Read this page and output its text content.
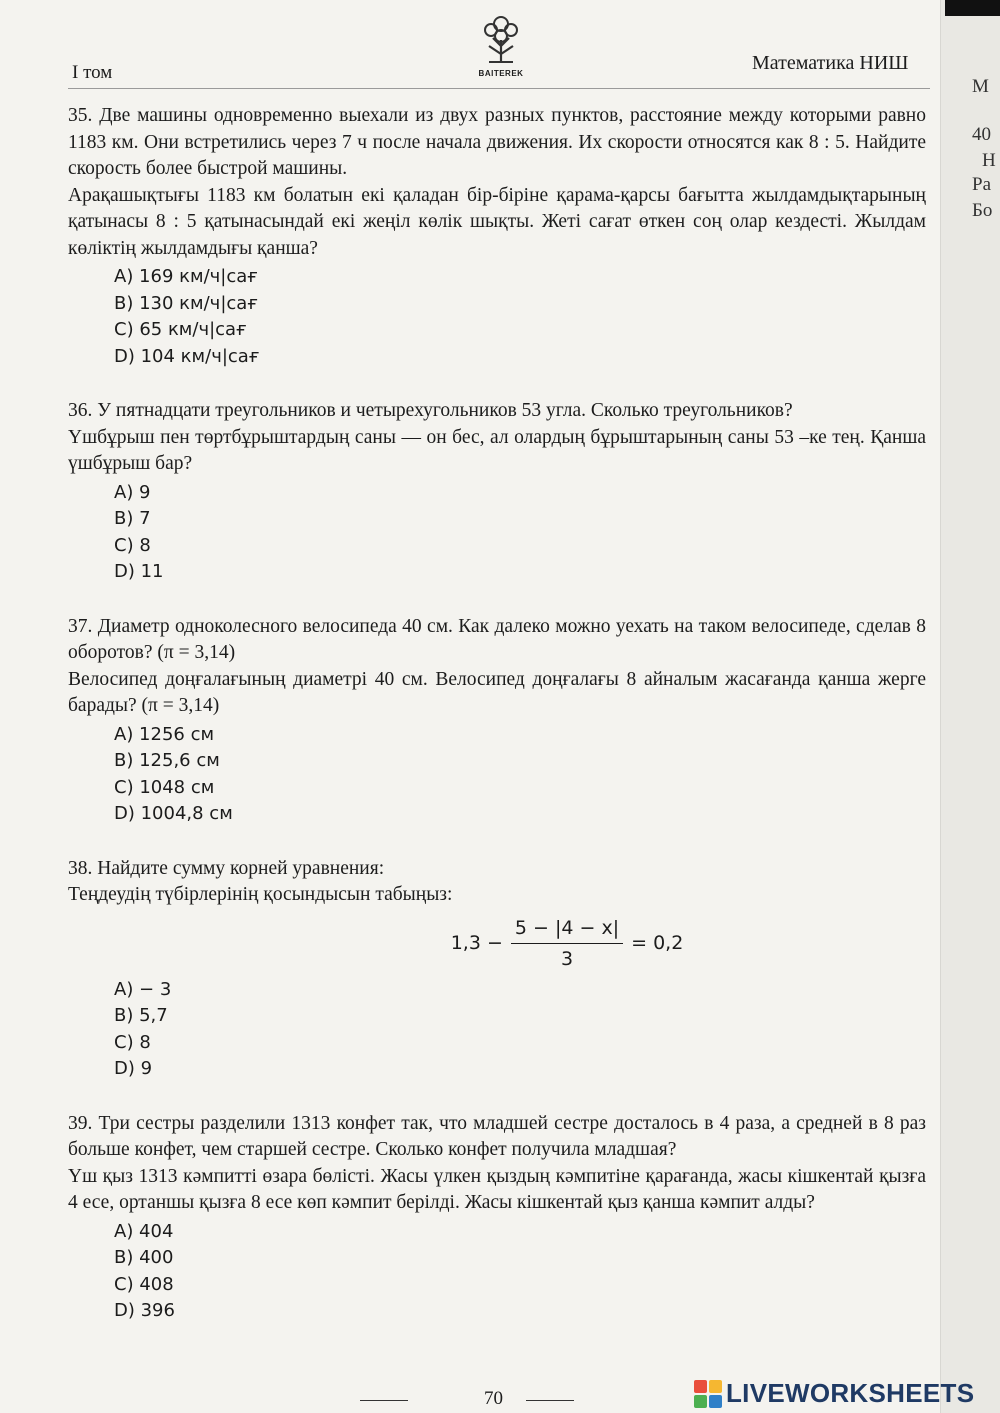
I том	BAITEREK	Математика НИШ

35. Две машины одновременно выехали из двух разных пунктов, расстояние между которыми равно 1183 км. Они встретились через 7 ч после начала движения. Их скорости относятся как 8 : 5. Найдите скорость более быстрой машины.

Арақашықтығы 1183 км болатын екі қаладан бір-біріне қарама-қарсы бағытта жылдамдықтарының қатынасы 8 : 5 қатынасындай екі жеңіл көлік шықты. Жеті сағат өткен соң олар кездесті. Жылдам көліктің жылдамдығы қанша?

A) 169 км/ч|сағ
B) 130 км/ч|сағ
C) 65 км/ч|сағ
D) 104 км/ч|сағ

36. У пятнадцати треугольников и четырехугольников 53 угла. Сколько треугольников?

Үшбұрыш пен төртбұрыштардың саны — он бес, ал олардың бұрыштарының саны 53 –ке тең. Қанша үшбұрыш бар?

A) 9
B) 7
C) 8
D) 11

37. Диаметр одноколесного велосипеда 40 см. Как далеко можно уехать на таком велосипеде, сделав 8 оборотов? (π = 3,14)

Велосипед доңғалағының диаметрі 40 см. Велосипед доңғалағы 8 айналым жасағанда қанша жерге барады? (π = 3,14)

A) 1256 см
B) 125,6 см
C) 1048 см
D) 1004,8 см

38. Найдите сумму корней уравнения:

Теңдеудің түбірлерінің қосындысын табыңыз:

$1,3 - \frac{5 - |4 - x|}{3} = 0,2$
A) − 3
B) 5,7
C) 8
D) 9

39. Три сестры разделили 1313 конфет так, что младшей сестре досталось в 4 раза, а средней в 8 раз больше конфет, чем старшей сестре. Сколько конфет получила младшая?

Үш қыз 1313 кәмпитті өзара бөлісті. Жасы үлкен қыздың кәмпитіне қарағанда, жасы кішкентай қызға 4 есе, ортаншы қызға 8 есе көп кәмпит берілді. Жасы кішкентай қыз қанша кәмпит алды?

A) 404
B) 400
C) 408
D) 396
70
М
40
Н
Ра
Бо
LIVEWORKSHEETS
